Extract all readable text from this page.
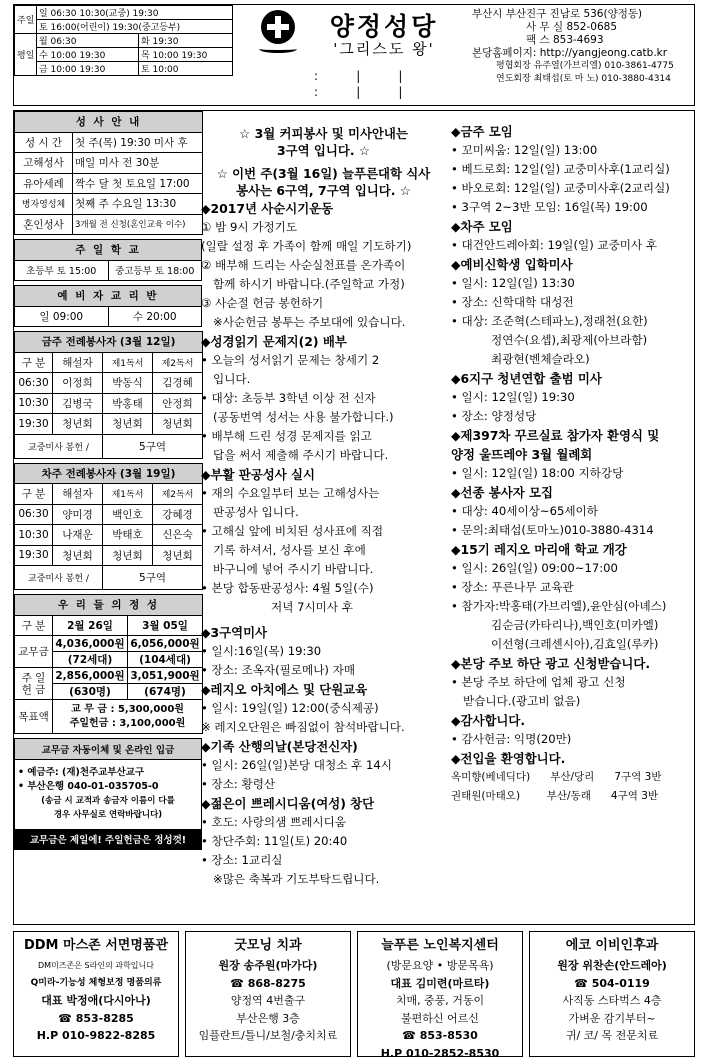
주일	일 06:30 10:30(교중) 19:30	
	토 16:00(어린이) 19:30(중고등부)	
평일	월 06:30	화 19:30
	수 10:00 19:30	목 10:00 19:30
	금 10:00 19:30	토 10:00
양정성당
'그리스도 왕'
:          |          |
:          |          |
부산시 부산진구 진남로 536(양정동)
사 무 실 852-0685
팩 스 853-4693
본당홈페이지: http://yangjeong.catb.kr
평협회장 유주열(가브리엘) 010-3861-4775
연도회장 최태섭(토 마 노) 010-3880-4314
성 사 안 내	
성 시 간	첫 주(목) 19:30 미사 후
고해성사	매일 미사 전 30분
유아세례	짝수 달 첫 토요일 17:00
병자영성체	첫째 주 수요일 13:30
혼인성사	3개월 전 신청(혼인교육 이수)
주 일 학 교
초등부 토 15:00	중고등부 토 18:00
예 비 자 교 리 반
일 09:00	수 20:00
금주 전례봉사자 (3월 12일)			
구 분	해설자	제1독서	제2독서
06:30	이정희	박동식	김경혜
10:30	김병국	박홍태	안정희
19:30	청년회	청년회	청년회
교중미사 봉헌 /		5구역	
차주 전례봉사자 (3월 19일)			
구 분	해설자	제1독서	제2독서
06:30	양미경	백인호	강혜경
10:30	나재운	박태호	신은숙
19:30	청년회	청년회	청년회
교중미사 봉헌 /		5구역	
우 리 들 의 정 성		
구 분	2월 26일	3월 05일
교무금	4,036,000원	6,056,000원
	(72세대)	(104세대)
주 일
헌 금	2,856,000원	3,051,900원
	(630명)	(674명)
목표액	교 무 금 : 5,300,000원
주일헌금 : 3,100,000원	
교무금 자동이체 및 온라인 입금

• 예금주: (재)천주교부산교구
• 부산은행 040-01-035705-0
(송금 시 교적과 송금자 이름이 다를
경우 사무실로 연락바랍니다)

교무금은 제일에! 주일헌금은 정성껏!
☆ 3월 커피봉사 및 미사안내는
3구역 입니다. ☆
☆ 이번 주(3월 16일) 늘푸른대학 식사
봉사는 6구역, 7구역 입니다. ☆
◆2017년 사순시기운동
① 밤 9시 가정기도
(일랄 설정 후 가족이 함께 매일 기도하기)
② 배부해 드리는 사순실천표를 온가족이
함께 하시기 바랍니다.(주일학교 가정)
③ 사순절 헌금 봉헌하기
※사순헌금 봉투는 주보대에 있습니다.
◆성경읽기 문제지(2) 배부
• 오늘의 성서읽기 문제는 창세기 2
입니다.
• 대상: 초등부 3학년 이상 전 신자
(공동번역 성서는 사용 불가합니다.)
• 배부해 드린 성경 문제지를 읽고
답을 써서 제출해 주시기 바랍니다.
◆부활 판공성사 실시
• 재의 수요일부터 보는 고해성사는
판공성사 입니다.
• 고해실 앞에 비치된 성사표에 직접
기록 하셔서, 성사를 보신 후에
바구니에 넣어 주시기 바랍니다.
• 본당 합동판공성사: 4월 5일(수)
저녁 7시미사 후
◆3구역미사
• 일시:16일(목) 19:30
• 장소: 조옥자(필로메나) 자매
◆레지오 아치에스 및 단원교육
• 일시: 19일(일) 12:00(중식제공)
※ 레지오단원은 빠짐없이 참석바랍니다.
◆기족 산행의날(본당전신자)
• 일시: 26일(일)본당 대청소 후 14시
• 장소: 황령산
◆젊은이 쁘레시디움(여성) 창단
• 호도: 사랑의샘 쁘레시디움
• 창단주회: 11일(토) 20:40
• 장소: 1교리실
※많은 축복과 기도부탁드립니다.
◆금주 모임
• 꼬미씨움: 12일(일) 13:00
• 베드로회: 12일(일) 교중미사후(1교리실)
• 바오로회: 12일(일) 교중미사후(2교리실)
• 3구역 2~3반 모임: 16일(목) 19:00
◆차주 모임
• 대건안드레아회: 19일(일) 교중미사 후
◆예비신학생 입학미사
• 일시: 12일(일) 13:30
• 장소: 신학대학 대성전
• 대상: 조준혁(스테파노),정래천(요한)
정연수(요셉),최광제(아브라함)
최광현(벤체슬라오)
◆6지구 청년연합 출범 미사
• 일시: 12일(일) 19:30
• 장소: 양정성당
◆제397차 꾸르실료 참가자 환영식 및
양정 울뜨레야 3월 월례회
• 일시: 12일(일) 18:00 지하강당
◆선종 봉사자 모집
• 대상: 40세이상~65세이하
• 문의:최태섭(토마노)010-3880-4314
◆15기 레지오 마리애 학교 개강
• 일시: 26일(일) 09:00~17:00
• 장소: 푸른나무 교육관
• 참가자:박홍태(가브리엘),윤안심(아녜스)
김순금(카타리나),백인호(미카엘)
이선형(크레센시아),김효일(루카)
◆본당 주보 하단 광고 신청받습니다.
• 본당 주보 하단에 업체 광고 신청
받습니다.(광고비 없음)
◆감사합니다.
• 감사헌금: 익명(20만)
◆전입을 환영합니다.
옥미향(베네딕다)      부산/당리      7구역 3반
권태원(마태오)        부산/동래      4구역 3반
DDM 마스존 서면명품관
DM미즈존은 S라인의 과학입니다
Q미라-기능성 체형보정 명품의류
대표 박정애(다시아나)
☎ 853-8285
H.P 010-9822-8285
굿모닝 치과
원장 송주원(마가다)
☎ 868-8275
양정역 4번출구
부산은행 3층
임플란트/틀니/보철/충치치료
늘푸른 노인복지센터
(방문요양 • 방문목욕)
대표 김미련(마르타)
치매, 중풍, 거동이
불편하신 어르신
☎ 853-8530
H.P 010-2852-8530
에코 이비인후과
원장 위찬손(안드레아)
☎ 504-0119
사직동 스타벅스 4층
가벼운 감기부터~
귀/ 코/ 목 전문치료
